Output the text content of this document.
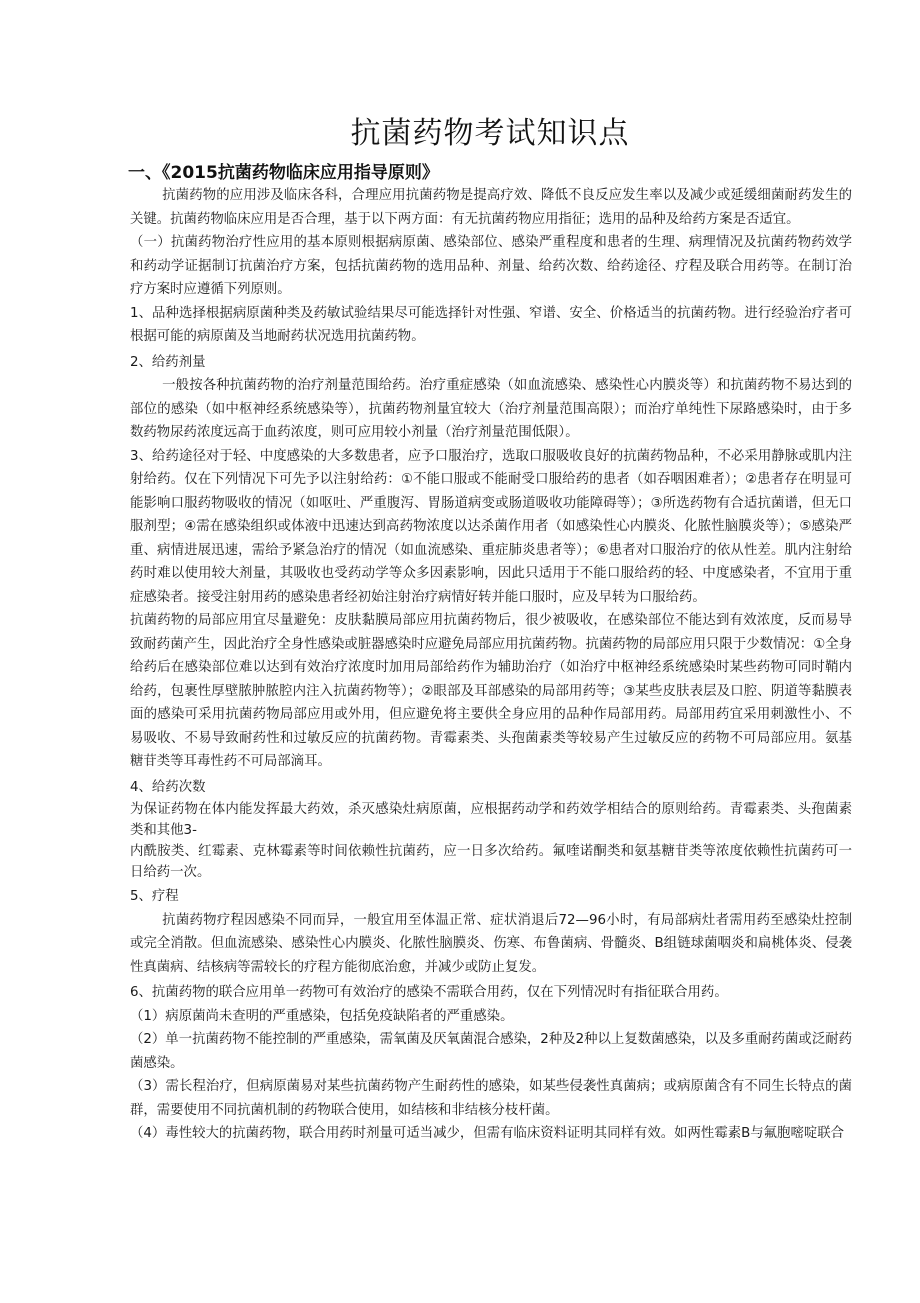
抗菌药物考试知识点
一、《2015抗菌药物临床应用指导原则》

抗菌药物的应用涉及临床各科，合理应用抗菌药物是提高疗效、降低不良反应发生率以及减少或延缓细菌耐药发生的关键。抗菌药物临床应用是否合理，基于以下两方面：有无抗菌药物应用指征；选用的品种及给药方案是否适宜。

（一）抗菌药物治疗性应用的基本原则根据病原菌、感染部位、感染严重程度和患者的生理、病理情况及抗菌药物药效学和药动学证据制订抗菌治疗方案，包括抗菌药物的选用品种、剂量、给药次数、给药途径、疗程及联合用药等。在制订治疗方案时应遵循下列原则。

1、品种选择根据病原菌种类及药敏试验结果尽可能选择针对性强、窄谱、安全、价格适当的抗菌药物。进行经验治疗者可根据可能的病原菌及当地耐药状况选用抗菌药物。

2、给药剂量

一般按各种抗菌药物的治疗剂量范围给药。治疗重症感染（如血流感染、感染性心内膜炎等）和抗菌药物不易达到的部位的感染（如中枢神经系统感染等），抗菌药物剂量宜较大（治疗剂量范围高限）；而治疗单纯性下尿路感染时，由于多数药物尿药浓度远高于血药浓度，则可应用较小剂量（治疗剂量范围低限）。

3、给药途径对于轻、中度感染的大多数患者，应予口服治疗，选取口服吸收良好的抗菌药物品种，不必采用静脉或肌内注射给药。仅在下列情况下可先予以注射给药：①不能口服或不能耐受口服给药的患者（如吞咽困难者）；②患者存在明显可能影响口服药物吸收的情况（如呕吐、严重腹泻、胃肠道病变或肠道吸收功能障碍等）；③所选药物有合适抗菌谱，但无口服剂型；④需在感染组织或体液中迅速达到高药物浓度以达杀菌作用者（如感染性心内膜炎、化脓性脑膜炎等）；⑤感染严重、病情进展迅速，需给予紧急治疗的情况（如血流感染、重症肺炎患者等）；⑥患者对口服治疗的依从性差。肌内注射给药时难以使用较大剂量，其吸收也受药动学等众多因素影响，因此只适用于不能口服给药的轻、中度感染者，不宜用于重症感染者。接受注射用药的感染患者经初始注射治疗病情好转并能口服时，应及早转为口服给药。

抗菌药物的局部应用宜尽量避免：皮肤黏膜局部应用抗菌药物后，很少被吸收，在感染部位不能达到有效浓度，反而易导致耐药菌产生，因此治疗全身性感染或脏器感染时应避免局部应用抗菌药物。抗菌药物的局部应用只限于少数情况：①全身给药后在感染部位难以达到有效治疗浓度时加用局部给药作为辅助治疗（如治疗中枢神经系统感染时某些药物可同时鞘内给药，包裹性厚壁脓肿脓腔内注入抗菌药物等）；②眼部及耳部感染的局部用药等；③某些皮肤表层及口腔、阴道等黏膜表面的感染可采用抗菌药物局部应用或外用，但应避免将主要供全身应用的品种作局部用药。局部用药宜采用刺激性小、不易吸收、不易导致耐药性和过敏反应的抗菌药物。青霉素类、头孢菌素类等较易产生过敏反应的药物不可局部应用。氨基糖苷类等耳毒性药不可局部滴耳。

4、给药次数

为保证药物在体内能发挥最大药效，杀灭感染灶病原菌，应根据药动学和药效学相结合的原则给药。青霉素类、头孢菌素类和其他3-

内酰胺类、红霉素、克林霉素等时间依赖性抗菌药，应一日多次给药。氟喹诺酮类和氨基糖苷类等浓度依赖性抗菌药可一日给药一次。

5、疗程

抗菌药物疗程因感染不同而异，一般宜用至体温正常、症状消退后72—96小时，有局部病灶者需用药至感染灶控制或完全消散。但血流感染、感染性心内膜炎、化脓性脑膜炎、伤寒、布鲁菌病、骨髓炎、B组链球菌咽炎和扁桃体炎、侵袭性真菌病、结核病等需较长的疗程方能彻底治愈，并减少或防止复发。

6、抗菌药物的联合应用单一药物可有效治疗的感染不需联合用药，仅在下列情况时有指征联合用药。

（1）病原菌尚未查明的严重感染，包括免疫缺陷者的严重感染。

（2）单一抗菌药物不能控制的严重感染，需氧菌及厌氧菌混合感染，2种及2种以上复数菌感染，以及多重耐药菌或泛耐药菌感染。

（3）需长程治疗，但病原菌易对某些抗菌药物产生耐药性的感染，如某些侵袭性真菌病；或病原菌含有不同生长特点的菌群，需要使用不同抗菌机制的药物联合使用，如结核和非结核分枝杆菌。

（4）毒性较大的抗菌药物，联合用药时剂量可适当减少，但需有临床资料证明其同样有效。如两性霉素B与氟胞嘧啶联合
